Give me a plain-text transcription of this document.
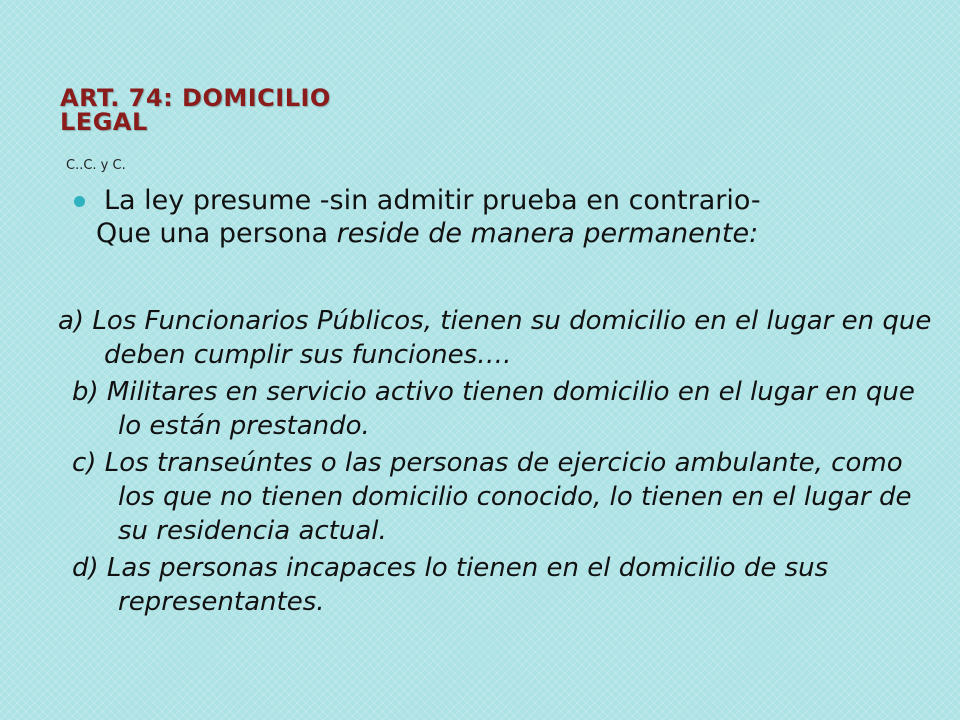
ART. 74: DOMICILIO LEGAL
C..C. y C.
La ley presume -sin admitir prueba en contrario-
Que una persona reside de manera permanente:

a) Los Funcionarios Públicos, tienen su domicilio en el lugar en que deben cumplir sus funciones….

b) Militares en servicio activo tienen domicilio en el lugar en que lo están prestando.

c) Los transeúntes o las personas de ejercicio ambulante, como los que no tienen domicilio conocido, lo tienen en el lugar de su residencia actual.

d) Las personas incapaces lo tienen en el domicilio de sus representantes.
